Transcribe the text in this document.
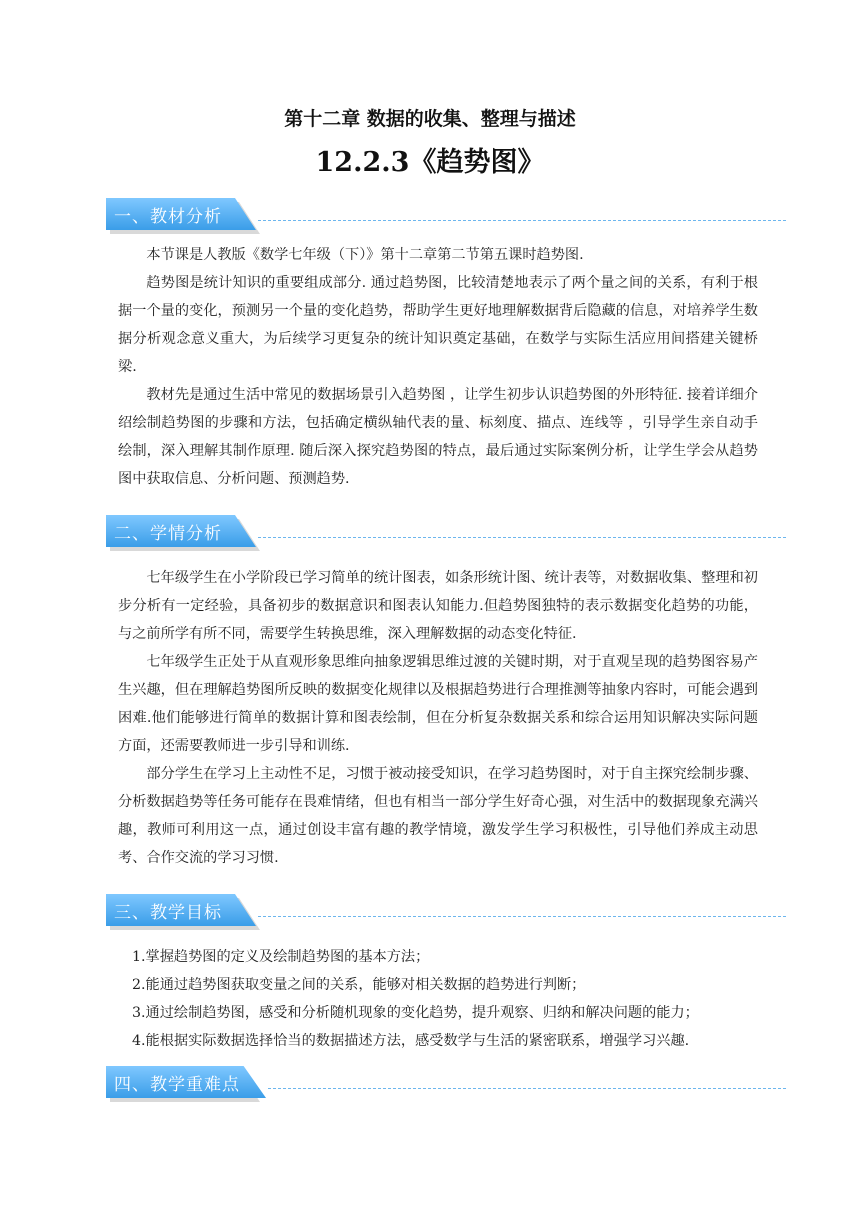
第十二章 数据的收集、整理与描述
12.2.3《趋势图》
一、教材分析

本节课是人教版《数学七年级（下）》第十二章第二节第五课时趋势图.

趋势图是统计知识的重要组成部分. 通过趋势图，比较清楚地表示了两个量之间的关系，有利于根据一个量的变化，预测另一个量的变化趋势，帮助学生更好地理解数据背后隐藏的信息，对培养学生数据分析观念意义重大，为后续学习更复杂的统计知识奠定基础，在数学与实际生活应用间搭建关键桥梁.

教材先是通过生活中常见的数据场景引入趋势图 ，让学生初步认识趋势图的外形特征. 接着详细介绍绘制趋势图的步骤和方法，包括确定横纵轴代表的量、标刻度、描点、连线等 ，引导学生亲自动手绘制，深入理解其制作原理. 随后深入探究趋势图的特点，最后通过实际案例分析，让学生学会从趋势图中获取信息、分析问题、预测趋势.

二、学情分析

七年级学生在小学阶段已学习简单的统计图表，如条形统计图、统计表等，对数据收集、整理和初步分析有一定经验，具备初步的数据意识和图表认知能力.但趋势图独特的表示数据变化趋势的功能，与之前所学有所不同，需要学生转换思维，深入理解数据的动态变化特征.

七年级学生正处于从直观形象思维向抽象逻辑思维过渡的关键时期，对于直观呈现的趋势图容易产生兴趣，但在理解趋势图所反映的数据变化规律以及根据趋势进行合理推测等抽象内容时，可能会遇到困难.他们能够进行简单的数据计算和图表绘制，但在分析复杂数据关系和综合运用知识解决实际问题方面，还需要教师进一步引导和训练.

部分学生在学习上主动性不足，习惯于被动接受知识，在学习趋势图时，对于自主探究绘制步骤、分析数据趋势等任务可能存在畏难情绪，但也有相当一部分学生好奇心强，对生活中的数据现象充满兴趣，教师可利用这一点，通过创设丰富有趣的教学情境，激发学生学习积极性，引导他们养成主动思考、合作交流的学习习惯.

三、教学目标

1.掌握趋势图的定义及绘制趋势图的基本方法；

2.能通过趋势图获取变量之间的关系，能够对相关数据的趋势进行判断；

3.通过绘制趋势图，感受和分析随机现象的变化趋势，提升观察、归纳和解决问题的能力；

4.能根据实际数据选择恰当的数据描述方法，感受数学与生活的紧密联系，增强学习兴趣.

四、教学重难点
